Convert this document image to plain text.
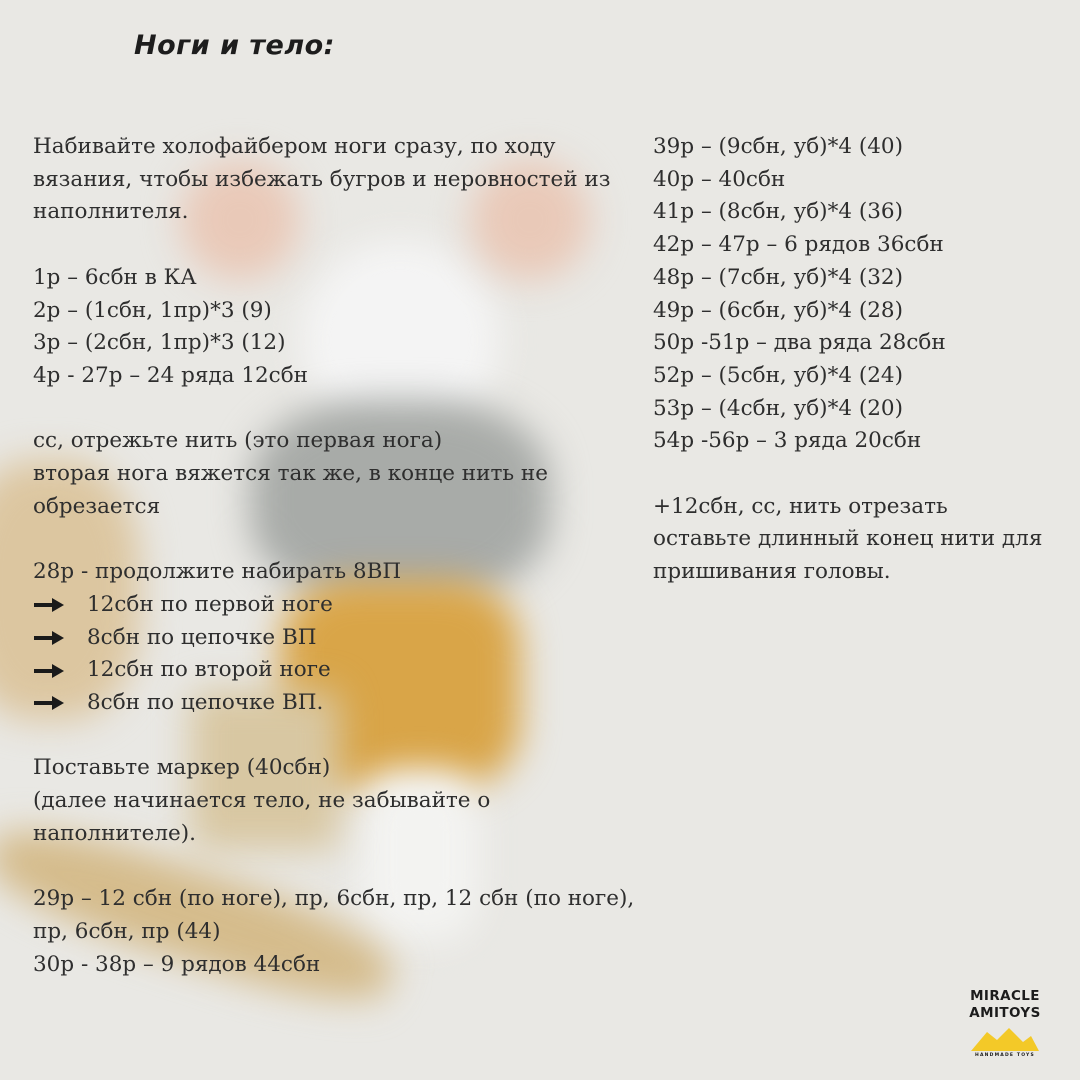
Ноги и тело:
Набивайте холофайбером ноги сразу, по ходу
вязания, чтобы избежать бугров и неровностей из
наполнителя.
1р – 6сбн в КА
2р – (1сбн, 1пр)*3 (9)
3р – (2сбн, 1пр)*3 (12)
4р - 27р – 24 ряда 12сбн
сс, отрежьте нить (это первая нога)
вторая нога вяжется так же, в конце нить не
обрезается
28р - продолжите набирать 8ВП
12сбн по первой ноге
8сбн по цепочке ВП
12сбн по второй ноге
8сбн по цепочке ВП.
Поставьте маркер (40сбн)
(далее начинается тело, не забывайте о
наполнителе).
29р – 12 сбн (по ноге), пр, 6сбн, пр, 12 сбн (по ноге),
пр, 6сбн, пр (44)
30р - 38р – 9 рядов 44сбн
39р – (9сбн, уб)*4 (40)
40р – 40сбн
41р – (8сбн, уб)*4 (36)
42р – 47р – 6 рядов 36сбн
48р – (7сбн, уб)*4 (32)
49р – (6сбн, уб)*4 (28)
50р -51р – два ряда 28сбн
52р – (5сбн, уб)*4 (24)
53р – (4сбн, уб)*4 (20)
54р -56р – 3 ряда 20сбн
+12сбн, сс, нить отрезать
оставьте длинный конец нити для
пришивания головы.
MIRACLE
AMITOYS
HANDMADE TOYS
